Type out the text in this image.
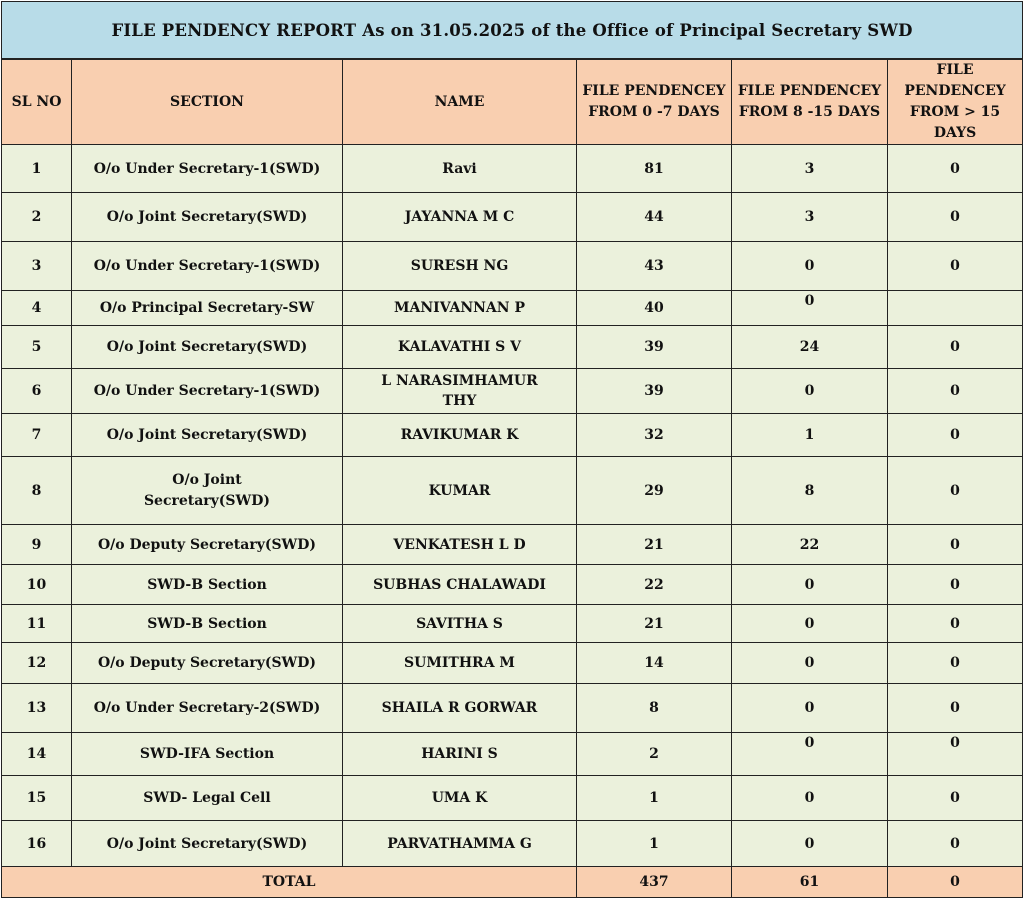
FILE PENDENCY REPORT As on 31.05.2025 of the Office of Principal Secretary SWD					
SL NO	SECTION	NAME	FILE PENDENCEY FROM 0 -7 DAYS	FILE PENDENCEY FROM 8 -15 DAYS	FILE PENDENCEY FROM > 15 DAYS
1	O/o Under Secretary-1(SWD)	Ravi	81	3	0
2	O/o Joint Secretary(SWD)	JAYANNA M C	44	3	0
3	O/o Under Secretary-1(SWD)	SURESH NG	43	0	0
4	O/o Principal Secretary-SW	MANIVANNAN P	40	0	
5	O/o Joint Secretary(SWD)	KALAVATHI S V	39	24	0
6	O/o Under Secretary-1(SWD)	L NARASIMHAMUR THY	39	0	0
7	O/o Joint Secretary(SWD)	RAVIKUMAR K	32	1	0
8	O/o Joint Secretary(SWD)	KUMAR	29	8	0
9	O/o Deputy Secretary(SWD)	VENKATESH L D	21	22	0
10	SWD-B Section	SUBHAS CHALAWADI	22	0	0
11	SWD-B Section	SAVITHA S	21	0	0
12	O/o Deputy Secretary(SWD)	SUMITHRA M	14	0	0
13	O/o Under Secretary-2(SWD)	SHAILA R GORWAR	8	0	0
14	SWD-IFA Section	HARINI S	2	0	0
15	SWD- Legal Cell	UMA K	1	0	0
16	O/o Joint Secretary(SWD)	PARVATHAMMA G	1	0	0
TOTAL			437	61	0
